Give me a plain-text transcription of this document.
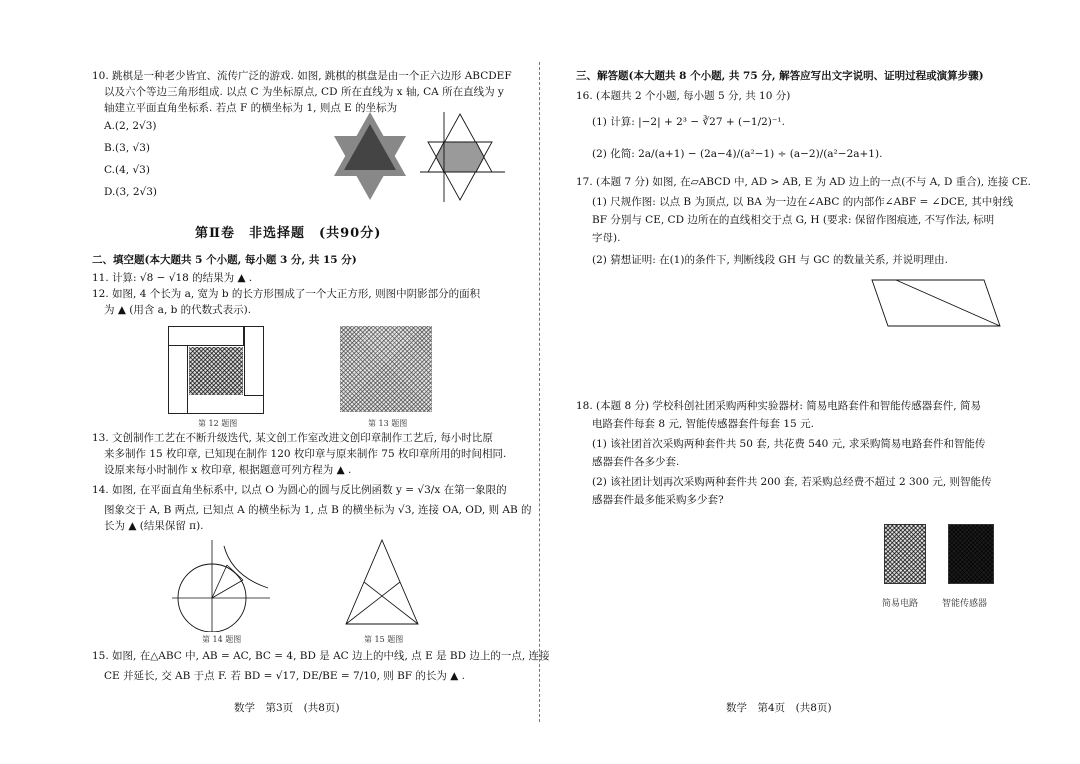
10. 跳棋是一种老少皆宜、流传广泛的游戏. 如图, 跳棋的棋盘是由一个正六边形 ABCDEF
以及六个等边三角形组成. 以点 C 为坐标原点, CD 所在直线为 x 轴, CA 所在直线为 y
轴建立平面直角坐标系. 若点 F 的横坐标为 1, 则点 E 的坐标为
A.(2, 2√3)
B.(3, √3)
C.(4, √3)
D.(3, 2√3)
第Ⅱ卷　非选择题　(共90分)
二、填空题(本大题共 5 个小题, 每小题 3 分, 共 15 分)
11. 计算: √8 − √18 的结果为 ▲ .
12. 如图, 4 个长为 a, 宽为 b 的长方形围成了一个大正方形, 则图中阴影部分的面积
为 ▲ (用含 a, b 的代数式表示).
第 12 题图	第 13 题图
13. 文创制作工艺在不断升级迭代, 某文创工作室改进文创印章制作工艺后, 每小时比原
来多制作 15 枚印章, 已知现在制作 120 枚印章与原来制作 75 枚印章所用的时间相同.
设原来每小时制作 x 枚印章, 根据题意可列方程为 ▲ .
14. 如图, 在平面直角坐标系中, 以点 O 为圆心的圆与反比例函数 y = √3/x 在第一象限的
图象交于 A, B 两点, 已知点 A 的横坐标为 1, 点 B 的横坐标为 √3, 连接 OA, OD, 则 AB 的
长为 ▲ (结果保留 π).
第 14 题图	第 15 题图
15. 如图, 在△ABC 中, AB = AC, BC = 4, BD 是 AC 边上的中线, 点 E 是 BD 边上的一点, 连接
CE 并延长, 交 AB 于点 F. 若 BD = √17, DE/BE = 7/10, 则 BF 的长为 ▲ .
数学　第3页　(共8页)
三、解答题(本大题共 8 个小题, 共 75 分, 解答应写出文字说明、证明过程或演算步骤)
16. (本题共 2 个小题, 每小题 5 分, 共 10 分)
(1) 计算: |−2| + 2³ − ∛27 + (−1/2)⁻¹.
(2) 化简: 2a/(a+1) − (2a−4)/(a²−1) ÷ (a−2)/(a²−2a+1).
17. (本题 7 分) 如图, 在▱ABCD 中, AD > AB, E 为 AD 边上的一点(不与 A, D 重合), 连接 CE.
(1) 尺规作图: 以点 B 为顶点, 以 BA 为一边在∠ABC 的内部作∠ABF = ∠DCE, 其中射线
BF 分别与 CE, CD 边所在的直线相交于点 G, H (要求: 保留作图痕迹, 不写作法, 标明
字母).
(2) 猜想证明: 在(1)的条件下, 判断线段 GH 与 GC 的数量关系, 并说明理由.
18. (本题 8 分) 学校科创社团采购两种实验器材: 简易电路套件和智能传感器套件, 简易
电路套件每套 8 元, 智能传感器套件每套 15 元.
(1) 该社团首次采购两种套件共 50 套, 共花费 540 元, 求采购简易电路套件和智能传
感器套件各多少套.
(2) 该社团计划再次采购两种套件共 200 套, 若采购总经费不超过 2 300 元, 则智能传
感器套件最多能采购多少套?
简易电路	智能传感器
数学　第4页　(共8页)
